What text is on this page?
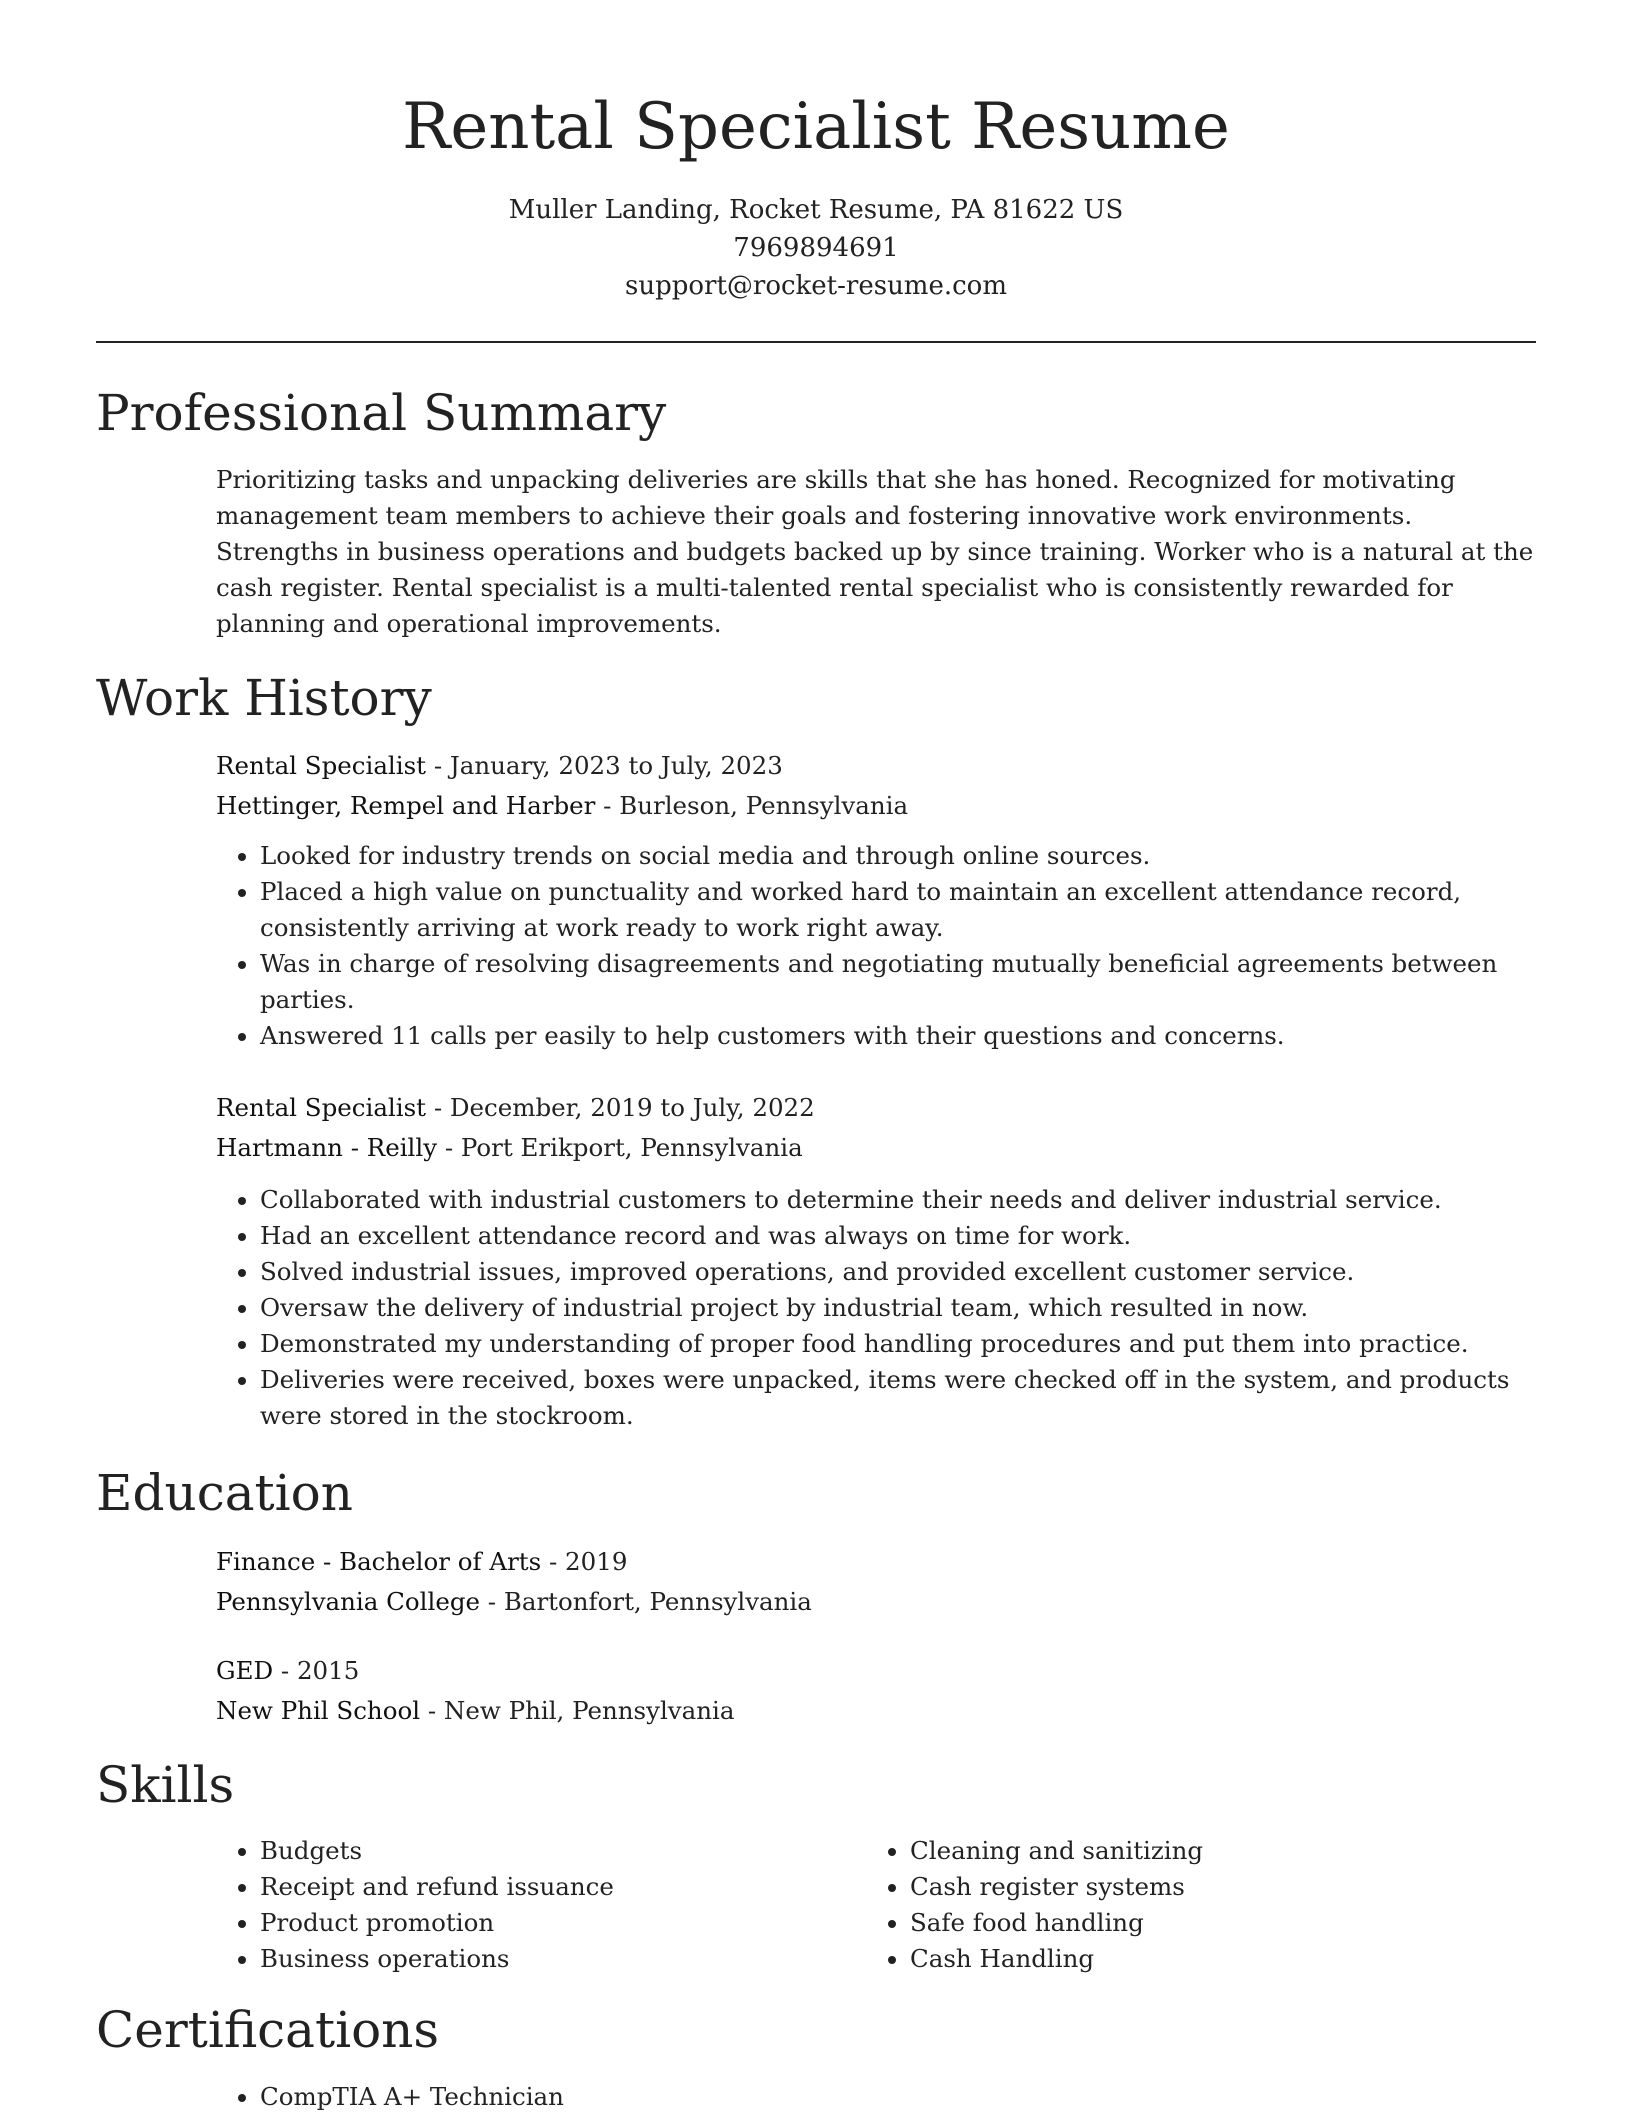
Rental Specialist Resume
Muller Landing, Rocket Resume, PA 81622 US
7969894691
support@rocket-resume.com
Professional Summary

Prioritizing tasks and unpacking deliveries are skills that she has honed. Recognized for motivating management team members to achieve their goals and fostering innovative work environments. Strengths in business operations and budgets backed up by since training. Worker who is a natural at the cash register. Rental specialist is a multi-talented rental specialist who is consistently rewarded for planning and operational improvements.

Work History
Rental Specialist - January, 2023 to July, 2023
Hettinger, Rempel and Harber - Burleson, Pennsylvania
• Looked for industry trends on social media and through online sources.
• Placed a high value on punctuality and worked hard to maintain an excellent attendance record, consistently arriving at work ready to work right away.
• Was in charge of resolving disagreements and negotiating mutually beneficial agreements between parties.
• Answered 11 calls per easily to help customers with their questions and concerns.
Rental Specialist - December, 2019 to July, 2022
Hartmann - Reilly - Port Erikport, Pennsylvania
• Collaborated with industrial customers to determine their needs and deliver industrial service.
• Had an excellent attendance record and was always on time for work.
• Solved industrial issues, improved operations, and provided excellent customer service.
• Oversaw the delivery of industrial project by industrial team, which resulted in now.
• Demonstrated my understanding of proper food handling procedures and put them into practice.
• Deliveries were received, boxes were unpacked, items were checked off in the system, and products were stored in the stockroom.
Education
Finance - Bachelor of Arts - 2019
Pennsylvania College - Bartonfort, Pennsylvania
GED - 2015
New Phil School - New Phil, Pennsylvania
Skills
• Budgets
• Receipt and refund issuance
• Product promotion
• Business operations
• Cleaning and sanitizing
• Cash register systems
• Safe food handling
• Cash Handling
Certifications
• CompTIA A+ Technician
